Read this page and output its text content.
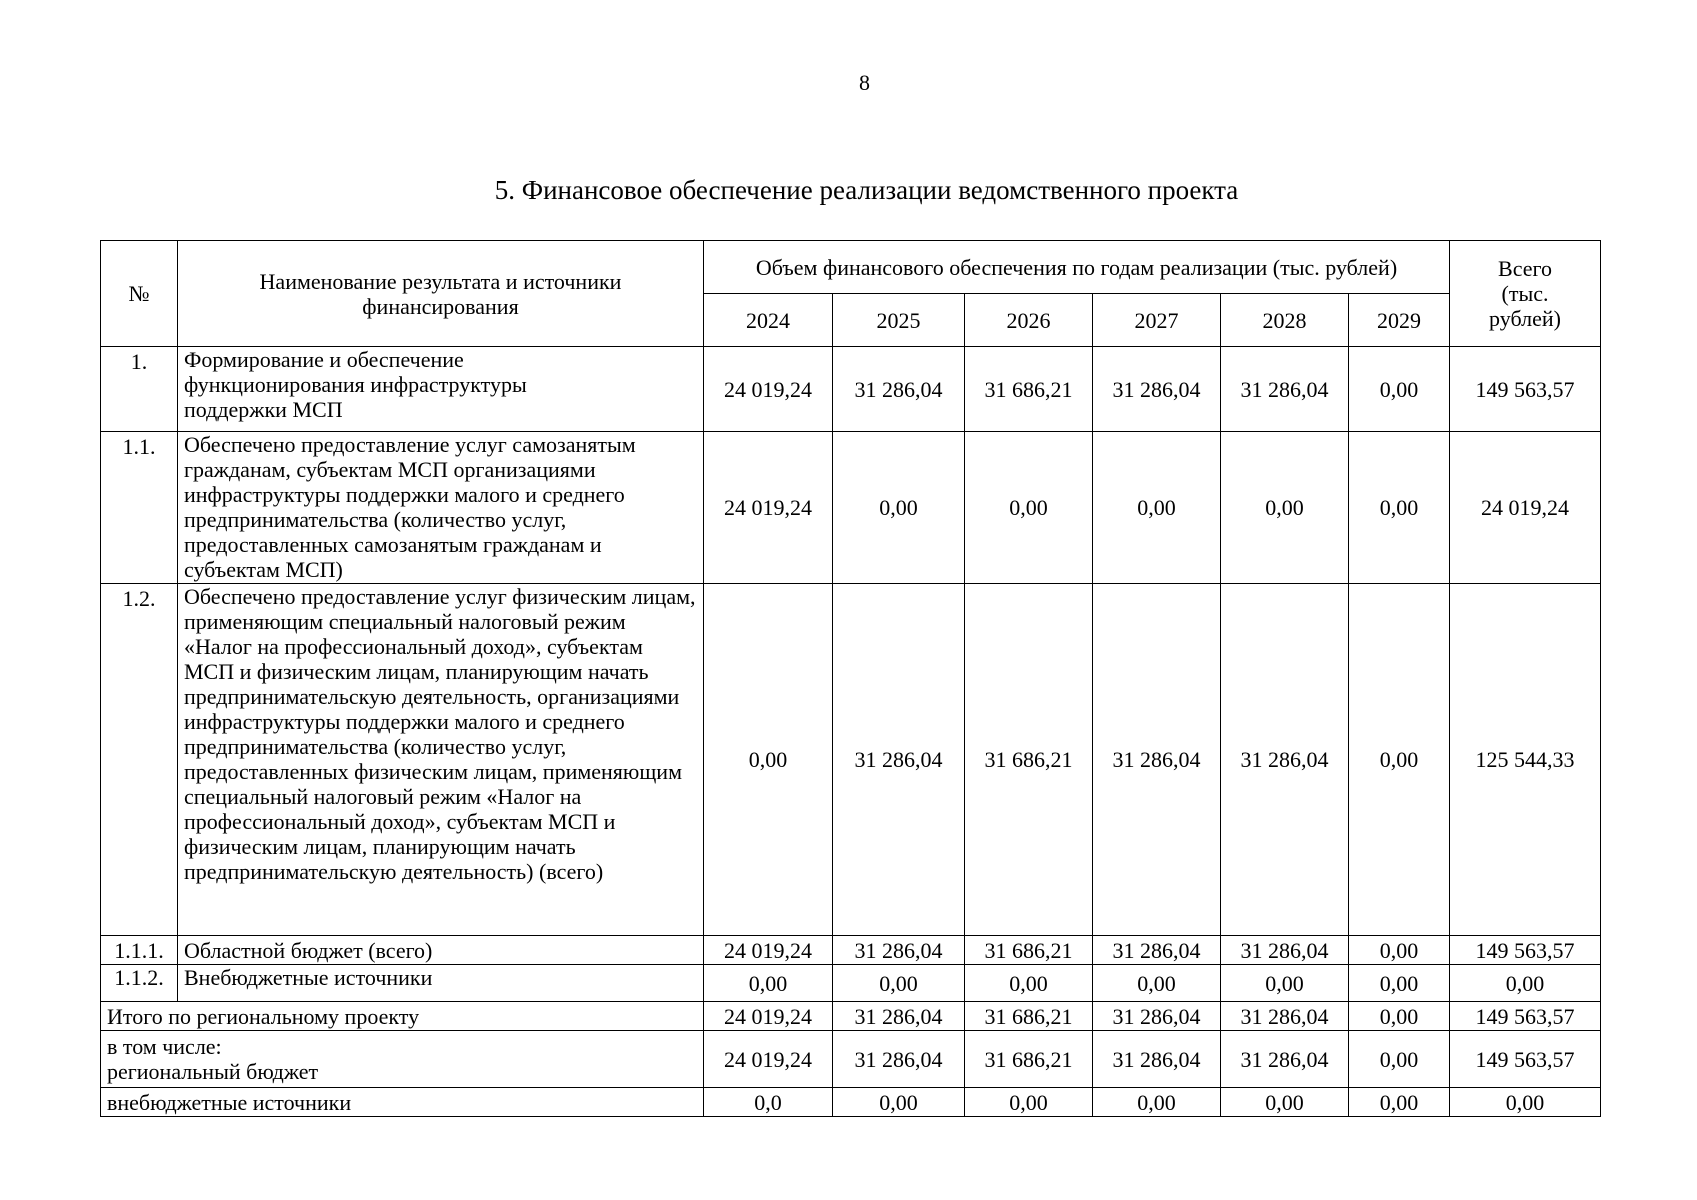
8
5. Финансовое обеспечение реализации ведомственного проекта
№	Наименование результата и источники финансирования	Объем финансового обеспечения по годам реализации (тыс. рублей)						Всего (тыс. рублей)
		2024	2025	2026	2027	2028	2029	
1.	Формирование и обеспечение функционирования инфраструктуры поддержки МСП	24 019,24	31 286,04	31 686,21	31 286,04	31 286,04	0,00	149 563,57
1.1.	Обеспечено предоставление услуг самозанятым гражданам, субъектам МСП организациями инфраструктуры поддержки малого и среднего предпринимательства (количество услуг, предоставленных самозанятым гражданам и субъектам МСП)	24 019,24	0,00	0,00	0,00	0,00	0,00	24 019,24
1.2.	Обеспечено предоставление услуг физическим лицам, применяющим специальный налоговый режим «Налог на профессиональный доход», субъектам МСП и физическим лицам, планирующим начать предпринимательскую деятельность, организациями инфраструктуры поддержки малого и среднего предпринимательства (количество услуг, предоставленных физическим лицам, применяющим специальный налоговый режим «Налог на профессиональный доход», субъектам МСП и физическим лицам, планирующим начать предпринимательскую деятельность) (всего)	0,00	31 286,04	31 686,21	31 286,04	31 286,04	0,00	125 544,33
1.1.1.	Областной бюджет (всего)	24 019,24	31 286,04	31 686,21	31 286,04	31 286,04	0,00	149 563,57
1.1.2.	Внебюджетные источники	0,00	0,00	0,00	0,00	0,00	0,00	0,00
Итого по региональному проекту		24 019,24	31 286,04	31 686,21	31 286,04	31 286,04	0,00	149 563,57

в том числе:
региональный бюджет		24 019,24	31 286,04	31 686,21	31 286,04	31 286,04	0,00	149 563,57
внебюджетные источники		0,0	0,00	0,00	0,00	0,00	0,00	0,00
